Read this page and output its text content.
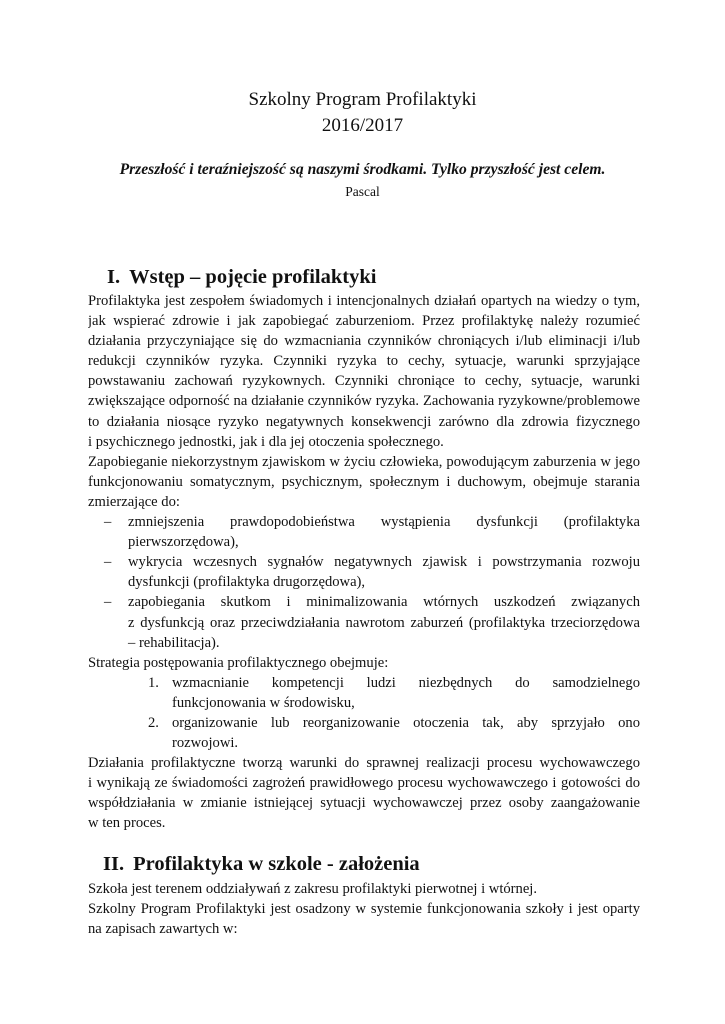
Szkolny Program Profilaktyki
2016/2017
Przeszłość i teraźniejszość są naszymi środkami. Tylko przyszłość jest celem.
Pascal
I. Wstęp – pojęcie profilaktyki
Profilaktyka jest zespołem świadomych i intencjonalnych działań opartych na wiedzy o tym,
jak wspierać zdrowie i jak zapobiegać zaburzeniom. Przez profilaktykę należy rozumieć
działania przyczyniające się do wzmacniania czynników chroniących i/lub eliminacji i/lub
redukcji czynników ryzyka. Czynniki ryzyka to cechy, sytuacje, warunki sprzyjające
powstawaniu zachowań ryzykownych. Czynniki chroniące to cechy, sytuacje, warunki
zwiększające odporność na działanie czynników ryzyka. Zachowania ryzykowne/problemowe
to działania niosące ryzyko negatywnych konsekwencji zarówno dla zdrowia fizycznego
i psychicznego jednostki, jak i dla jej otoczenia społecznego.
Zapobieganie niekorzystnym zjawiskom w życiu człowieka, powodującym zaburzenia w jego
funkcjonowaniu somatycznym, psychicznym, społecznym i duchowym, obejmuje starania
zmierzające do:
–	zmniejszenia prawdopodobieństwa wystąpienia dysfunkcji (profilaktyka
pierwszorzędowa),
–	wykrycia wczesnych sygnałów negatywnych zjawisk i powstrzymania rozwoju
dysfunkcji (profilaktyka drugorzędowa),
–	zapobiegania skutkom i minimalizowania wtórnych uszkodzeń związanych
z dysfunkcją oraz przeciwdziałania nawrotom zaburzeń (profilaktyka trzeciorzędowa
– rehabilitacja).
Strategia postępowania profilaktycznego obejmuje:
1. wzmacnianie kompetencji ludzi niezbędnych do samodzielnego
funkcjonowania w środowisku,
2. organizowanie lub reorganizowanie otoczenia tak, aby sprzyjało ono
rozwojowi.
Działania profilaktyczne tworzą warunki do sprawnej realizacji procesu wychowawczego
i wynikają ze świadomości zagrożeń prawidłowego procesu wychowawczego i gotowości do
współdziałania w zmianie istniejącej sytuacji wychowawczej przez osoby zaangażowanie
w ten proces.
II. Profilaktyka w szkole - założenia
Szkoła jest terenem oddziaływań z zakresu profilaktyki pierwotnej i wtórnej.
Szkolny Program Profilaktyki jest osadzony w systemie funkcjonowania szkoły i jest oparty
na zapisach zawartych w:
